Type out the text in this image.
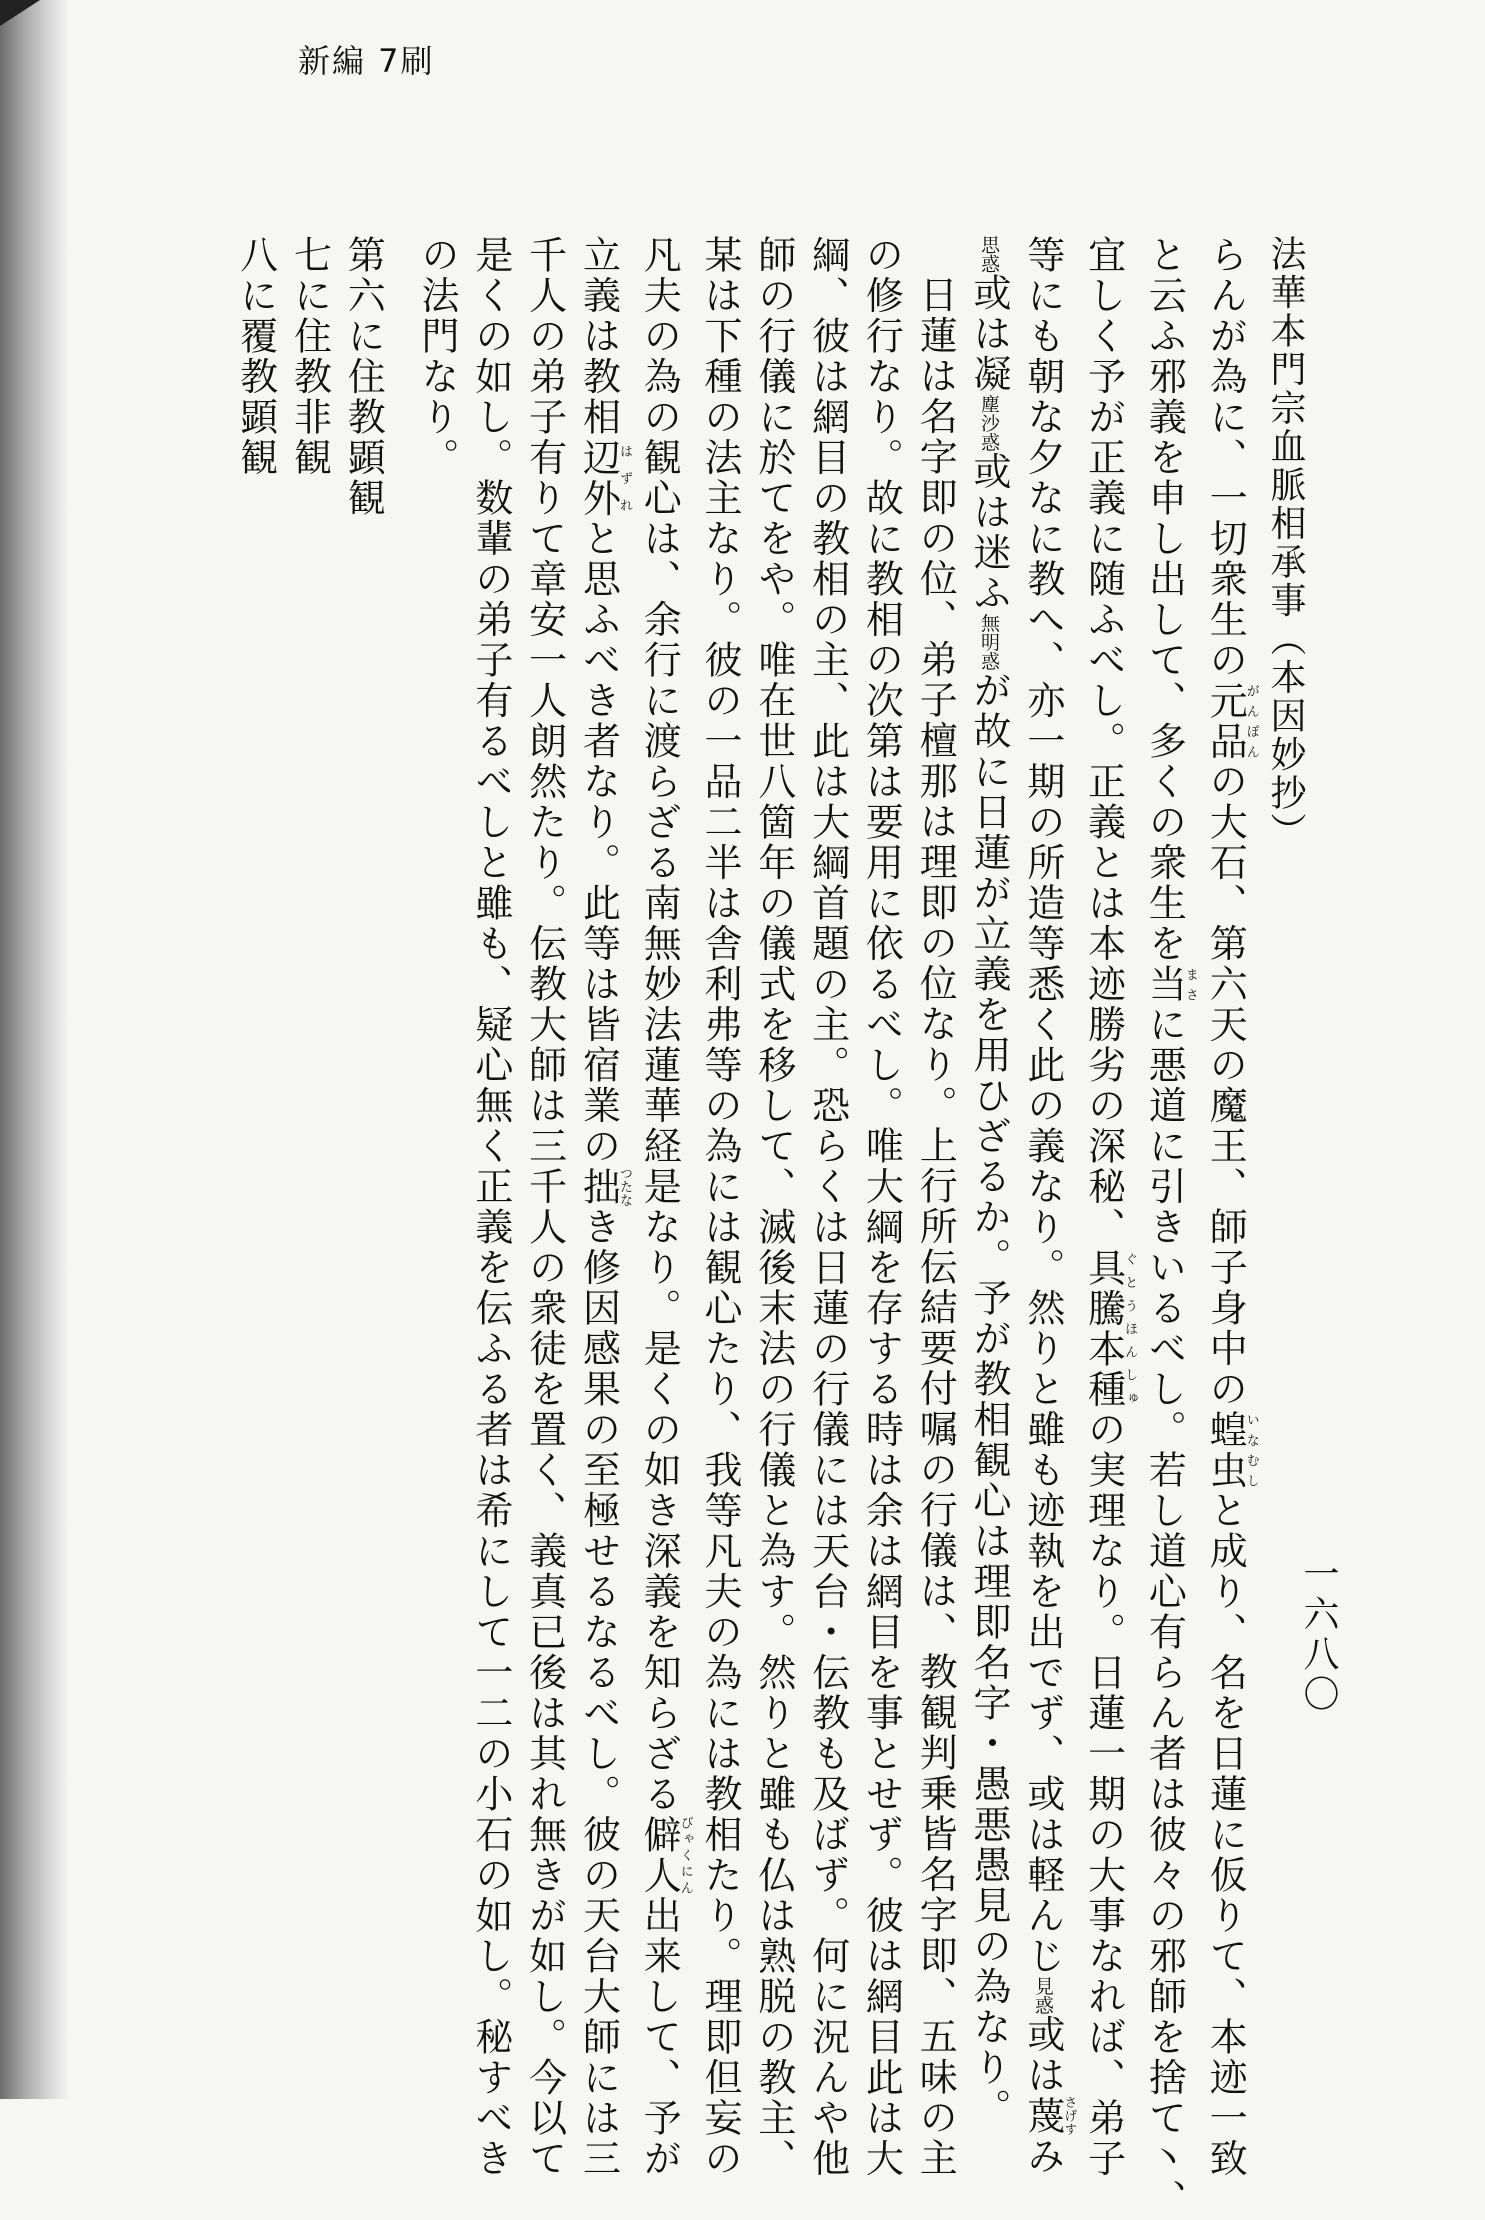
新編 7刷
一六八〇
法華本門宗血脈相承事（本因妙抄）
らんが為に、一切衆生の元品がんぽんの大石、第六天の魔王、師子身中の蝗虫いなむしと成り、名を日蓮に仮りて、本迹一致
と云ふ邪義を申し出して、多くの衆生を当まさに悪道に引きいるべし。若し道心有らん者は彼々の邪師を捨て丶、
宜しく予が正義に随ふべし。正義とは本迹勝劣の深秘、具騰本種ぐとうほんしゅの実理なり。日蓮一期の大事なれば、弟子
等にも朝な夕なに教へ、亦一期の所造等悉く此の義なり。然りと雖も迹執を出でず、或は軽んじ見惑或は蔑さげすみ
思惑或は凝塵沙惑或は迷ふ無明惑が故に日蓮が立義を用ひざるか。予が教相観心は理即名字・愚悪愚見の為なり。
日蓮は名字即の位、弟子檀那は理即の位なり。上行所伝結要付嘱の行儀は、教観判乗皆名字即、五味の主
の修行なり。故に教相の次第は要用に依るべし。唯大綱を存する時は余は網目を事とせず。彼は網目此は大
綱、彼は網目の教相の主、此は大綱首題の主。恐らくは日蓮の行儀には天台・伝教も及ばず。何に況んや他
師の行儀に於てをや。唯在世八箇年の儀式を移して、滅後末法の行儀と為す。然りと雖も仏は熟脱の教主、
某は下種の法主なり。彼の一品二半は舎利弗等の為には観心たり、我等凡夫の為には教相たり。理即但妄の
凡夫の為の観心は、余行に渡らざる南無妙法蓮華経是なり。是くの如き深義を知らざる僻人びゃくにん出来して、予が
立義は教相辺外はずれと思ふべき者なり。此等は皆宿業の拙つたなき修因感果の至極せるなるべし。彼の天台大師には三
千人の弟子有りて章安一人朗然たり。伝教大師は三千人の衆徒を置く、義真已後は其れ無きが如し。今以て
是くの如し。数輩の弟子有るべしと雖も、疑心無く正義を伝ふる者は希にして一二の小石の如し。秘すべき
の法門なり。
第六に住教顕観
七に住教非観
八に覆教顕観
